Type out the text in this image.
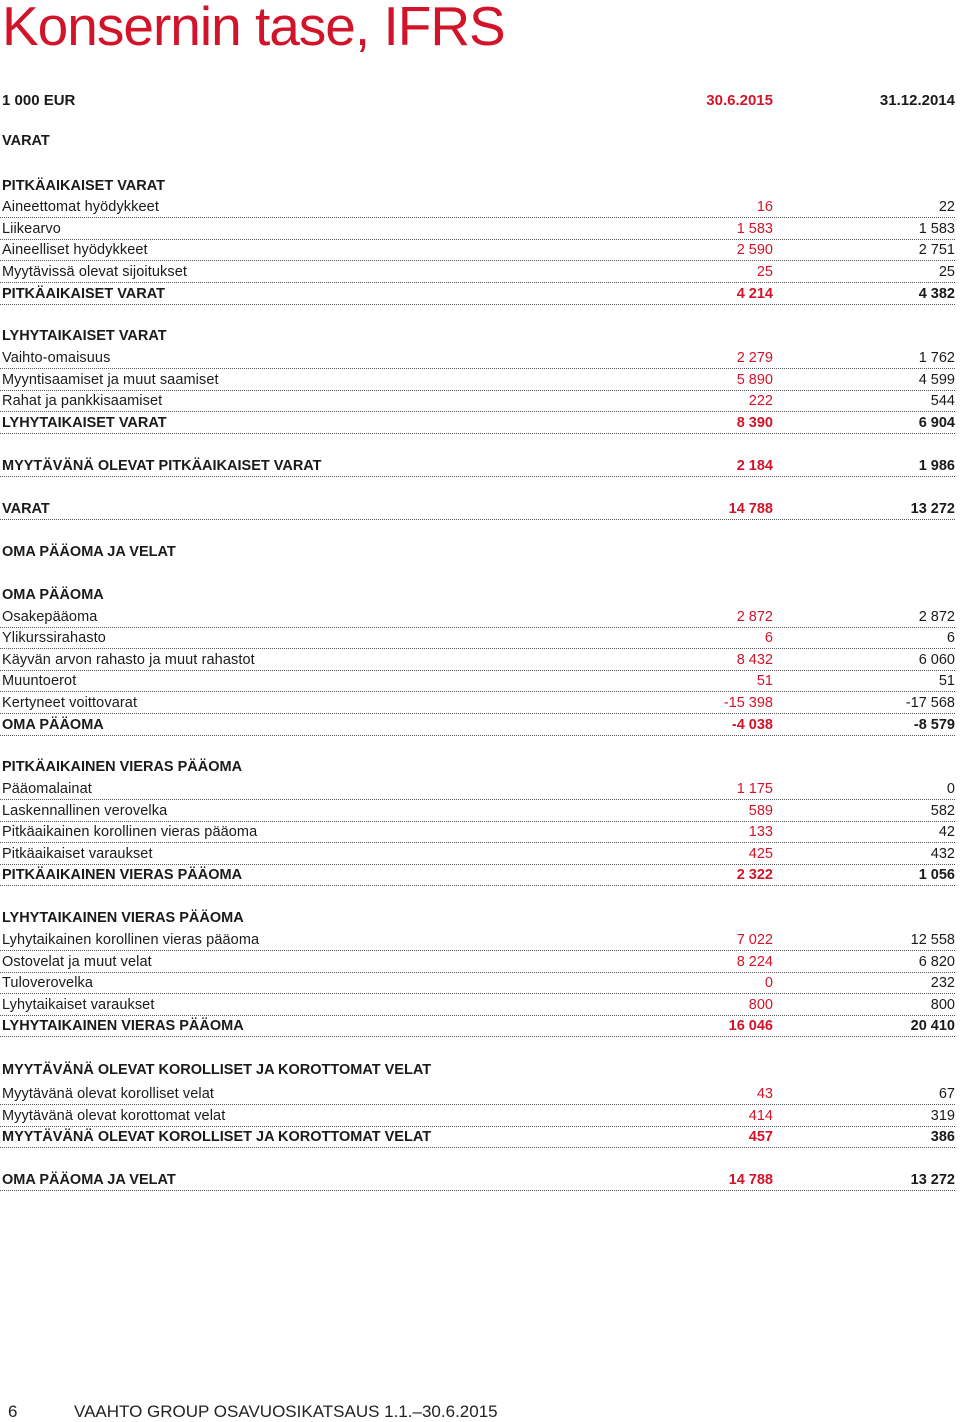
Konsernin tase, IFRS
1 000 EUR	30.6.2015	31.12.2014
VARAT
PITKÄAIKAISET VARAT
Aineettomat hyödykkeet	16	22
Liikearvo	1 583	1 583
Aineelliset hyödykkeet	2 590	2 751
Myytävissä olevat sijoitukset	25	25
PITKÄAIKAISET VARAT	4 214	4 382
LYHYTAIKAISET VARAT
Vaihto-omaisuus	2 279	1 762
Myyntisaamiset ja muut saamiset	5 890	4 599
Rahat ja pankkisaamiset	222	544
LYHYTAIKAISET VARAT	8 390	6 904
MYYTÄVÄNÄ OLEVAT PITKÄAIKAISET VARAT	2 184	1 986
VARAT	14 788	13 272
OMA PÄÄOMA JA VELAT
OMA PÄÄOMA
Osakepääoma	2 872	2 872
Ylikurssirahasto	6	6
Käyvän arvon rahasto ja muut rahastot	8 432	6 060
Muuntoerot	51	51
Kertyneet voittovarat	-15 398	-17 568
OMA PÄÄOMA	-4 038	-8 579
PITKÄAIKAINEN VIERAS PÄÄOMA
Pääomalainat	1 175	0
Laskennallinen verovelka	589	582
Pitkäaikainen korollinen vieras pääoma	133	42
Pitkäaikaiset varaukset	425	432
PITKÄAIKAINEN VIERAS PÄÄOMA	2 322	1 056
LYHYTAIKAINEN VIERAS PÄÄOMA
Lyhytaikainen korollinen vieras pääoma	7 022	12 558
Ostovelat ja muut velat	8 224	6 820
Tuloverovelka	0	232
Lyhytaikaiset varaukset	800	800
LYHYTAIKAINEN VIERAS PÄÄOMA	16 046	20 410
MYYTÄVÄNÄ OLEVAT KOROLLISET JA KOROTTOMAT VELAT
Myytävänä olevat korolliset velat	43	67
Myytävänä olevat korottomat velat	414	319
MYYTÄVÄNÄ OLEVAT KOROLLISET JA KOROTTOMAT VELAT	457	386
OMA PÄÄOMA JA VELAT	14 788	13 272
6	VAAHTO GROUP OSAVUOSIKATSAUS 1.1.–30.6.2015
